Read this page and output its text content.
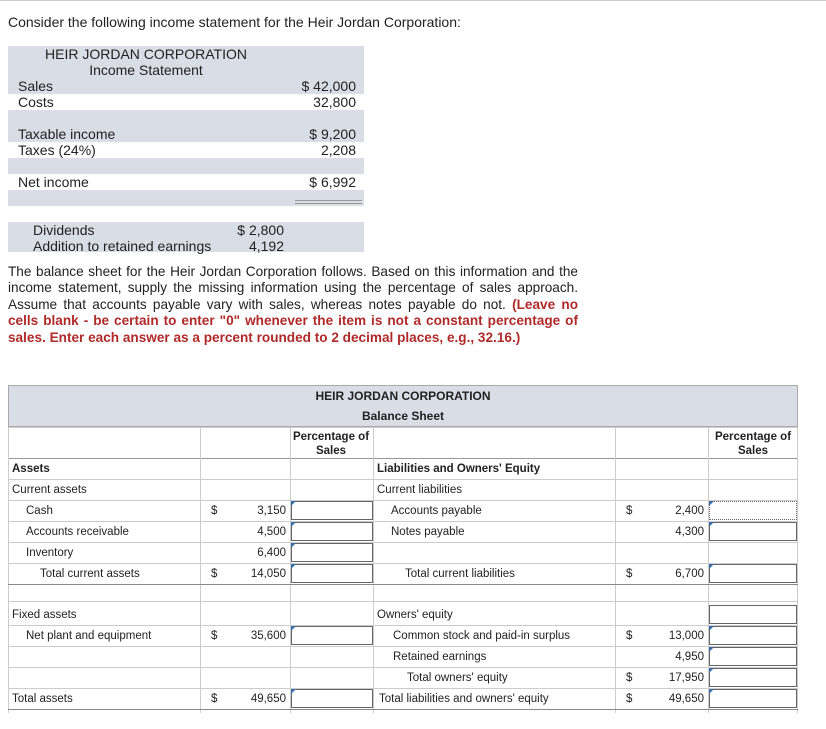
Consider the following income statement for the Heir Jordan Corporation:
HEIR JORDAN CORPORATION
Income Statement
Sales	$ 42,000
Costs	32,800
Taxable income	$ 9,200
Taxes (24%)	2,208
Net income	$ 6,992
Dividends	$ 2,800
Addition to retained earnings	4,192
The balance sheet for the Heir Jordan Corporation follows. Based on this information and the income statement, supply the missing information using the percentage of sales approach. Assume that accounts payable vary with sales, whereas notes payable do not. (Leave no cells blank - be certain to enter "0" whenever the item is not a constant percentage of sales. Enter each answer as a percent rounded to 2 decimal places, e.g., 32.16.)
HEIR JORDAN CORPORATION
Balance Sheet
Percentage of Sales
Percentage of Sales
Assets	Liabilities and Owners' Equity
Current assets	Current liabilities
Cash	$	3,150	Accounts payable	$	2,400
Accounts receivable	4,500	Notes payable	4,300
Inventory	6,400
Total current assets	$	14,050	Total current liabilities	$	6,700
Fixed assets	Owners' equity
Net plant and equipment	$	35,600	Common stock and paid-in surplus	$	13,000
Retained earnings	4,950
Total owners' equity	$	17,950
Total assets	$	49,650	Total liabilities and owners' equity	$	49,650
